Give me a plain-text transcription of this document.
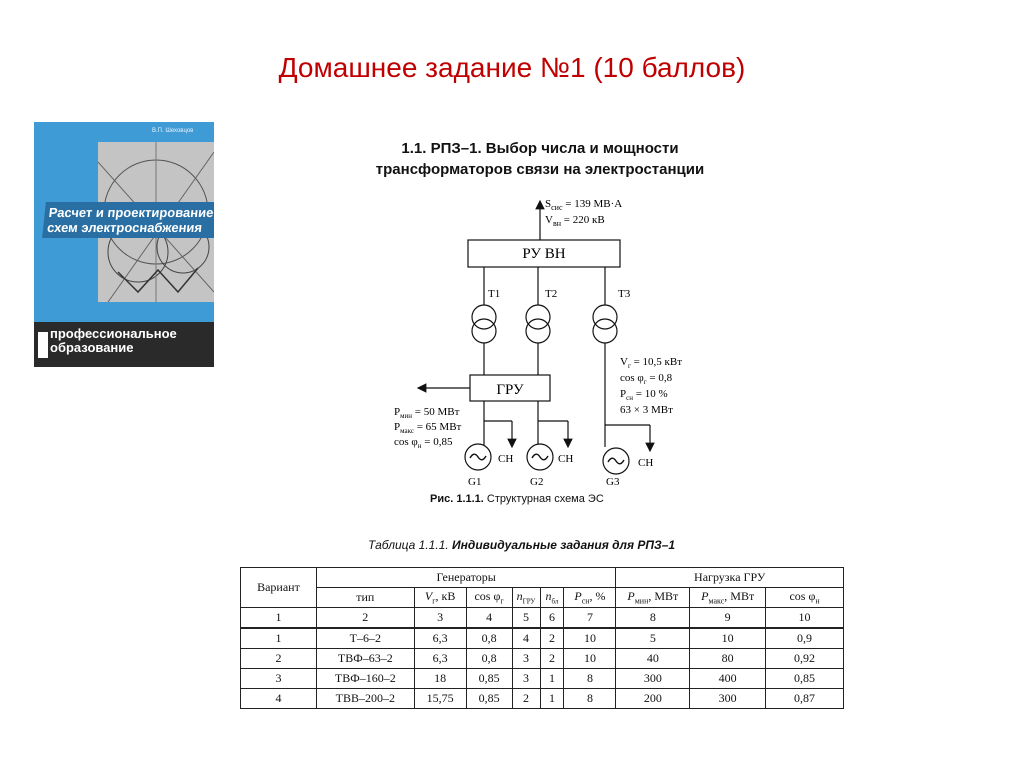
Домашнее задание №1 (10 баллов)
В.П. Шеховцов
Расчет и проектирование
схем электроснабжения
профессиональное
образование
1.1. РПЗ–1. Выбор числа и мощности
трансформаторов связи на электростанции
$S_{сис} = 139$ МВ·А
$V_{вн} = 220$ кВ
РУ ВН
T1	T2	T3
ГРУ
$P_{мин} = 50$ МВт
$P_{макс} = 65$ МВт
$\cos \varphi_н = 0,85$
$V_г = 10,5$ кВт
$\cos \varphi_г = 0,8$
$P_{сн} = 10$ %
63 × 3 МВт
СН	СН	СН
G1	G2	G3
Рис. 1.1.1. Структурная схема ЭС
Таблица 1.1.1. Индивидуальные задания для РПЗ–1
Вариант	Генераторы						Нагрузка ГРУ		
	тип	$V_г$, кВ	$\cos \varphi_г$	$n_{ГРУ}$	$n_{бл}$	$P_{сн}$, %	$P_{мин}$, МВт	$P_{макс}$, МВт	$\cos \varphi_н$
1	2	3	4	5	6	7	8	9	10
1	Т–6–2	6,3	0,8	4	2	10	5	10	0,9
2	ТВФ–63–2	6,3	0,8	3	2	10	40	80	0,92
3	ТВФ–160–2	18	0,85	3	1	8	300	400	0,85
4	ТВВ–200–2	15,75	0,85	2	1	8	200	300	0,87
